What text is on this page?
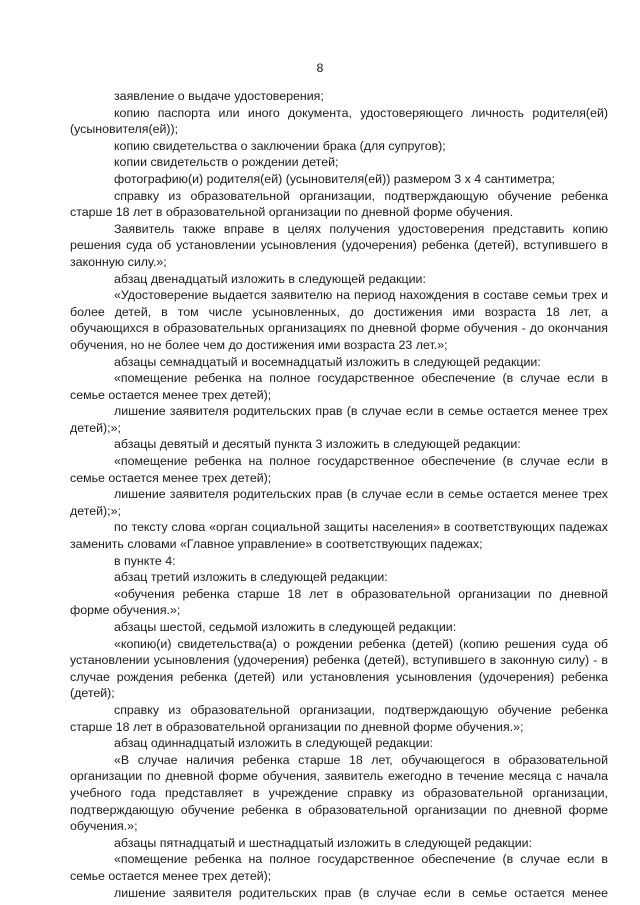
8

заявление о выдаче удостоверения;

копию паспорта или иного документа, удостоверяющего личность родителя(ей) (усыновителя(ей));

копию свидетельства о заключении брака (для супругов);

копии свидетельств о рождении детей;

фотографию(и) родителя(ей) (усыновителя(ей)) размером 3 х 4 сантиметра;

справку из образовательной организации, подтверждающую обучение ребенка старше 18 лет в образовательной организации по дневной форме обучения.

Заявитель также вправе в целях получения удостоверения представить копию решения суда об установлении усыновления (удочерения) ребенка (детей), вступившего в законную силу.»;

абзац двенадцатый изложить в следующей редакции:

«Удостоверение выдается заявителю на период нахождения в составе семьи трех и более детей, в том числе усыновленных, до достижения ими возраста 18 лет, а обучающихся в образовательных организациях по дневной форме обучения - до окончания обучения, но не более чем до достижения ими возраста 23 лет.»;

абзацы семнадцатый и восемнадцатый изложить в следующей редакции:

«помещение ребенка на полное государственное обеспечение (в случае если в семье остается менее трех детей);

лишение заявителя родительских прав (в случае если в семье остается менее трех детей);»;

абзацы девятый и десятый пункта 3 изложить в следующей редакции:

«помещение ребенка на полное государственное обеспечение (в случае если в семье остается менее трех детей);

лишение заявителя родительских прав (в случае если в семье остается менее трех детей);»;

по тексту слова «орган социальной защиты населения» в соответствующих падежах заменить словами «Главное управление» в соответствующих падежах;

в пункте 4:

абзац третий изложить в следующей редакции:

«обучения ребенка старше 18 лет в образовательной организации по дневной форме обучения.»;

абзацы шестой, седьмой изложить в следующей редакции:

«копию(и) свидетельства(а) о рождении ребенка (детей) (копию решения суда об установлении усыновления (удочерения) ребенка (детей), вступившего в законную силу) - в случае рождения ребенка (детей) или установления усыновления (удочерения) ребенка (детей);

справку из образовательной организации, подтверждающую обучение ребенка старше 18 лет в образовательной организации по дневной форме обучения.»;

абзац одиннадцатый изложить в следующей редакции:

«В случае наличия ребенка старше 18 лет, обучающегося в образовательной организации по дневной форме обучения, заявитель ежегодно в течение месяца с начала учебного года представляет в учреждение справку из образовательной организации, подтверждающую обучение ребенка в образовательной организации по дневной форме обучения.»;

абзацы пятнадцатый и шестнадцатый изложить в следующей редакции:

«помещение ребенка на полное государственное обеспечение (в случае если в семье остается менее трех детей);

лишение заявителя родительских прав (в случае если в семье остается менее
